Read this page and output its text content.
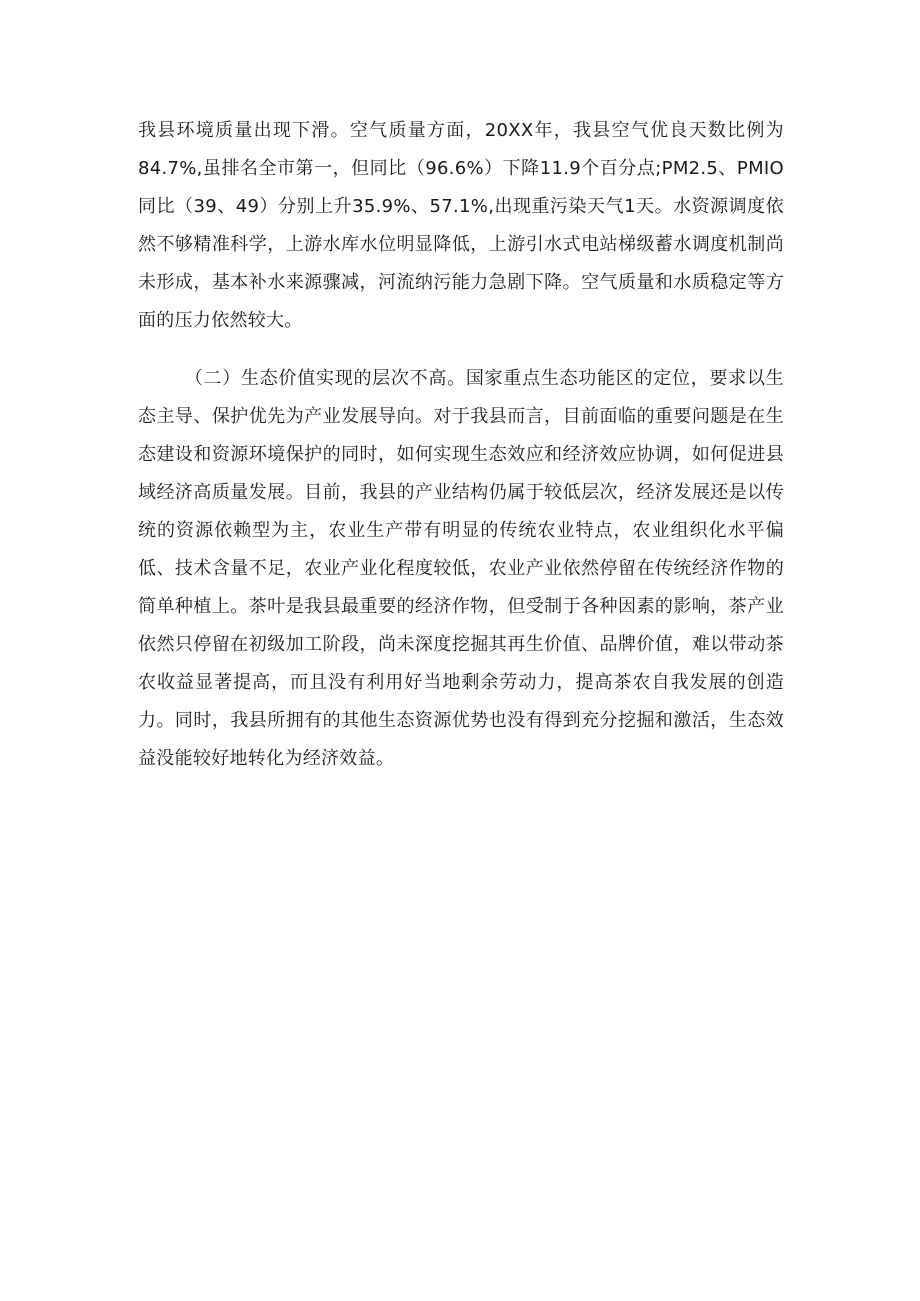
我县环境质量出现下滑。空气质量方面，20XX年，我县空气优良天数比例为84.7%,虽排名全市第一，但同比（96.6%）下降11.9个百分点;PM2.5、PMIO同比（39、49）分别上升35.9%、57.1%,出现重污染天气1天。水资源调度依然不够精准科学，上游水库水位明显降低，上游引水式电站梯级蓄水调度机制尚未形成，基本补水来源骤减，河流纳污能力急剧下降。空气质量和水质稳定等方面的压力依然较大。

（二）生态价值实现的层次不高。国家重点生态功能区的定位，要求以生态主导、保护优先为产业发展导向。对于我县而言，目前面临的重要问题是在生态建设和资源环境保护的同时，如何实现生态效应和经济效应协调，如何促进县域经济高质量发展。目前，我县的产业结构仍属于较低层次，经济发展还是以传统的资源依赖型为主，农业生产带有明显的传统农业特点，农业组织化水平偏低、技术含量不足，农业产业化程度较低，农业产业依然停留在传统经济作物的简单种植上。茶叶是我县最重要的经济作物，但受制于各种因素的影响，茶产业依然只停留在初级加工阶段，尚未深度挖掘其再生价值、品牌价值，难以带动茶农收益显著提高，而且没有利用好当地剩余劳动力，提高茶农自我发展的创造力。同时，我县所拥有的其他生态资源优势也没有得到充分挖掘和激活，生态效益没能较好地转化为经济效益。
